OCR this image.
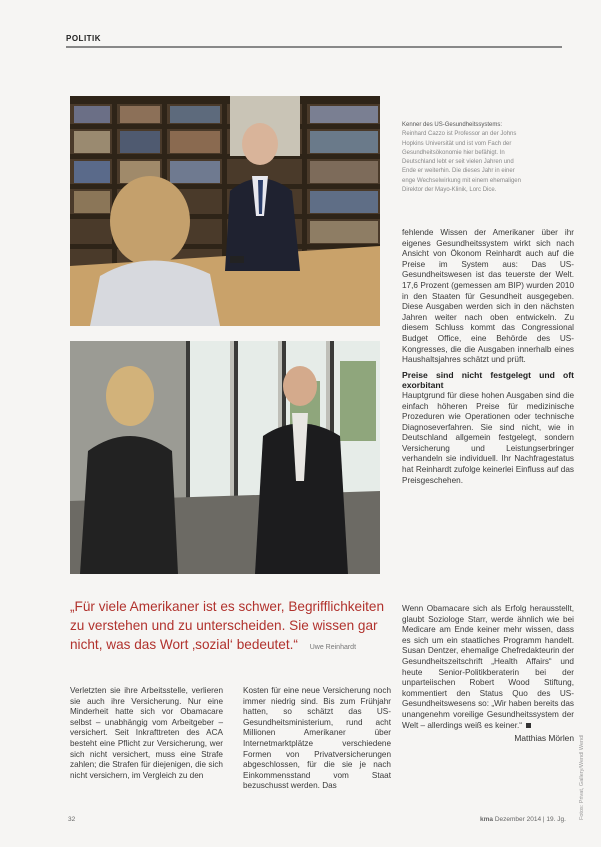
POLITIK
Kenner des US-Gesundheitssystems:
Reinhard Cazzo ist Professor an der Johns
Hopkins Universität und ist vom Fach der
Gesundheitsökonomie hier befähigt. In
Deutschland lebt er seit vielen Jahren und
Ende er weiterhin. Die dieses Jahr in einer
enge Wechselwirkung mit einem ehemaligen
Direktor der Mayo-Klinik, Lorc Dice.
Fotos: Privat, Gallery/Wendl Wendl

fehlende Wissen der Amerikaner über ihr eigenes Gesundheitssystem wirkt sich nach Ansicht von Ökonom Reinhardt auch auf die Preise im System aus: Das US-Gesundheitswesen ist das teuerste der Welt. 17,6 Prozent (gemessen am BIP) wurden 2010 in den Staaten für Gesundheit ausgegeben. Diese Ausgaben werden sich in den nächsten Jahren weiter nach oben entwickeln. Zu diesem Schluss kommt das Congressional Budget Office, eine Behörde des US-Kongresses, die die Ausgaben innerhalb eines Haushaltsjahres schätzt und prüft.

Preise sind nicht festgelegt und oft exorbitant

Hauptgrund für diese hohen Ausgaben sind die einfach höheren Preise für medizinische Prozeduren wie Operationen oder technische Diagnoseverfahren. Sie sind nicht, wie in Deutschland allgemein festgelegt, sondern Versicherung und Leistungserbringer verhandeln sie individuell. Ihr Nachfragestatus hat Reinhardt zufolge keinerlei Einfluss auf das Preisgeschehen.

Wenn Obamacare sich als Erfolg herausstellt, glaubt Soziologe Starr, werde ähnlich wie bei Medicare am Ende keiner mehr wissen, dass es sich um ein staatliches Programm handelt. Susan Dentzer, ehemalige Chefredakteurin der Gesundheitszeitschrift „Health Affairs“ und heute Senior-Politikberaterin bei der unparteiischen Robert Wood Stiftung, kommentiert den Status Quo des US-Gesundheitswesens so: „Wir haben bereits das unangenehm voreilige Gesundheitssystem der Welt – allerdings weiß es keiner.“

Matthias Mörlen
„Für viele Amerikaner ist es schwer, Begrifflichkeiten zu verstehen und zu unterscheiden. Sie wissen gar nicht, was das Wort ‚sozial‘ bedeutet.“ Uwe Reinhardt

Verletzten sie ihre Arbeitsstelle, verlieren sie auch ihre Versicherung. Nur eine Minderheit hatte sich vor Obamacare selbst – unabhängig vom Arbeitgeber – versichert. Seit Inkrafttreten des ACA besteht eine Pflicht zur Versicherung, wer sich nicht versichert, muss eine Strafe zahlen; die Strafen für diejenigen, die sich nicht versichern, im Vergleich zu den

Kosten für eine neue Versicherung noch immer niedrig sind. Bis zum Frühjahr hatten, so schätzt das US-Gesundheitsministerium, rund acht Millionen Amerikaner über Internetmarktplätze verschiedene Formen von Privatversicherungen abgeschlossen, für die sie je nach Einkommensstand vom Staat bezuschusst werden. Das

32	kma Dezember 2014 | 19. Jg.
